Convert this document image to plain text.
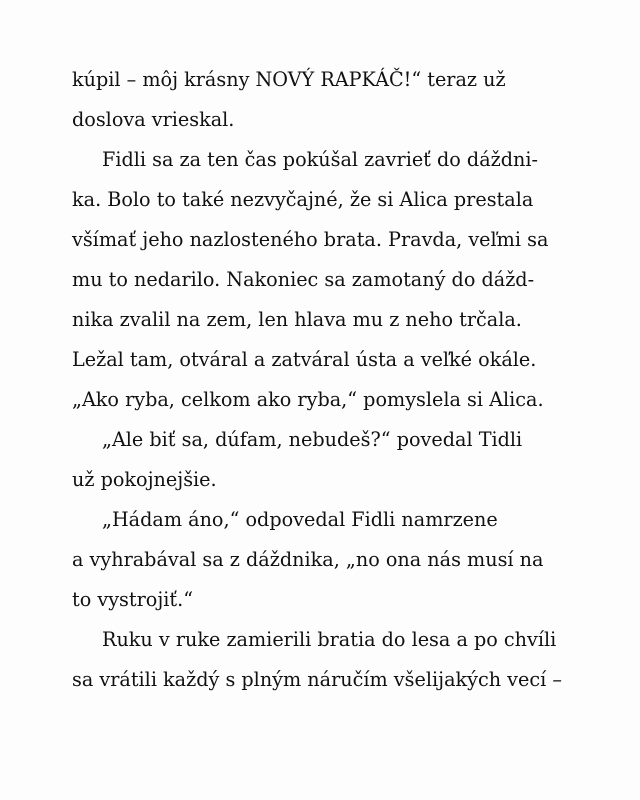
kúpil – môj krásny NOVÝ RAPKÁČ!“ teraz už
doslova vrieskal.
Fidli sa za ten čas pokúšal zavrieť do dáždni-
ka. Bolo to také nezvyčajné, že si Alica prestala
všímať jeho nazlosteného brata. Pravda, veľmi sa
mu to nedarilo. Nakoniec sa zamotaný do dážd-
nika zvalil na zem, len hlava mu z neho trčala.
Ležal tam, otváral a zatváral ústa a veľké okále.
„Ako ryba, celkom ako ryba,“ pomyslela si Alica.
„Ale biť sa, dúfam, nebudeš?“ povedal Tidli
už pokojnejšie.
„Hádam áno,“ odpovedal Fidli namrzene
a vyhrabával sa z dáždnika, „no ona nás musí na
to vystrojiť.“
Ruku v ruke zamierili bratia do lesa a po chvíli
sa vrátili každý s plným náručím všelijakých vecí –
